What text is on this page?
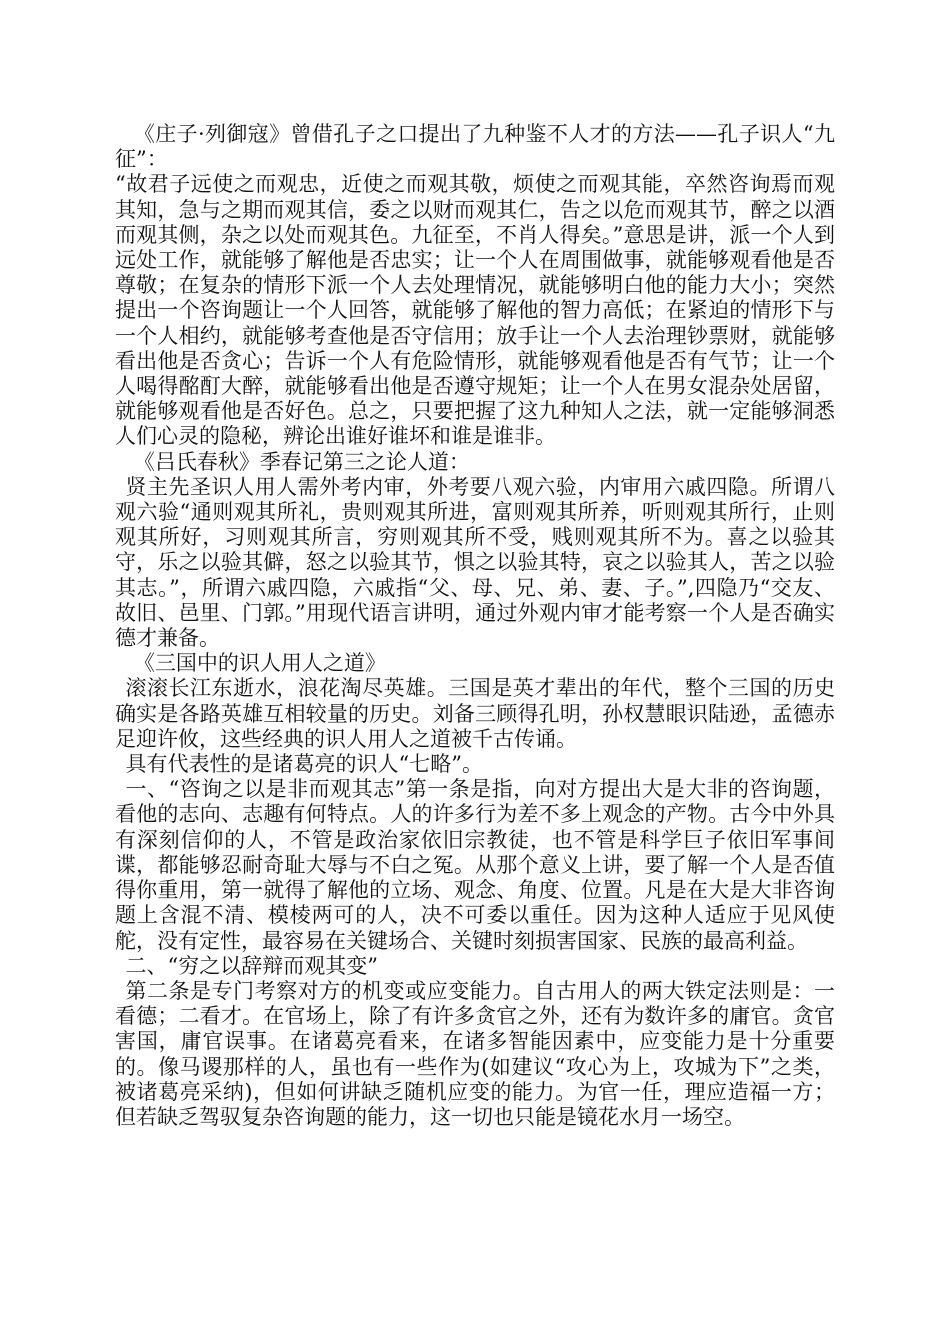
《庄子·列御寇》曾借孔子之口提出了九种鉴不人才的方法——孔子识人“九征”：

“故君子远使之而观忠，近使之而观其敬，烦使之而观其能，卒然咨询焉而观其知，急与之期而观其信，委之以财而观其仁，告之以危而观其节，醉之以酒而观其侧，杂之以处而观其色。九征至，不肖人得矣。”意思是讲，派一个人到远处工作，就能够了解他是否忠实；让一个人在周围做事，就能够观看他是否尊敬；在复杂的情形下派一个人去处理情况，就能够明白他的能力大小；突然提出一个咨询题让一个人回答，就能够了解他的智力高低；在紧迫的情形下与一个人相约，就能够考查他是否守信用；放手让一个人去治理钞票财，就能够看出他是否贪心；告诉一个人有危险情形，就能够观看他是否有气节；让一个人喝得酩酊大醉，就能够看出他是否遵守规矩；让一个人在男女混杂处居留，就能够观看他是否好色。总之，只要把握了这九种知人之法，就一定能够洞悉人们心灵的隐秘，辨论出谁好谁坏和谁是谁非。

《吕氏春秋》季春记第三之论人道：

贤主先圣识人用人需外考内审，外考要八观六验，内审用六戚四隐。所谓八观六验“通则观其所礼，贵则观其所进，富则观其所养，听则观其所行，止则观其所好，习则观其所言，穷则观其所不受，贱则观其所不为。喜之以验其守，乐之以验其僻，怒之以验其节，惧之以验其特，哀之以验其人，苦之以验其志。”，所谓六戚四隐，六戚指“父、母、兄、弟、妻、子。”,四隐乃“交友、故旧、邑里、门郭。”用现代语言讲明，通过外观内审才能考察一个人是否确实德才兼备。

《三国中的识人用人之道》

滚滚长江东逝水，浪花淘尽英雄。三国是英才辈出的年代，整个三国的历史确实是各路英雄互相较量的历史。刘备三顾得孔明，孙权慧眼识陆逊，孟德赤足迎许攸，这些经典的识人用人之道被千古传诵。

具有代表性的是诸葛亮的识人“七略”。

一、“咨询之以是非而观其志”第一条是指，向对方提出大是大非的咨询题，看他的志向、志趣有何特点。人的许多行为差不多上观念的产物。古今中外具有深刻信仰的人，不管是政治家依旧宗教徒，也不管是科学巨子依旧军事间谍，都能够忍耐奇耻大辱与不白之冤。从那个意义上讲，要了解一个人是否值得你重用，第一就得了解他的立场、观念、角度、位置。凡是在大是大非咨询题上含混不清、模棱两可的人，决不可委以重任。因为这种人适应于见风使舵，没有定性，最容易在关键场合、关键时刻损害国家、民族的最高利益。

二、“穷之以辞辩而观其变”

第二条是专门考察对方的机变或应变能力。自古用人的两大铁定法则是：一看德；二看才。在官场上，除了有许多贪官之外，还有为数许多的庸官。贪官害国，庸官误事。在诸葛亮看来，在诸多智能因素中，应变能力是十分重要的。像马谡那样的人，虽也有一些作为(如建议“攻心为上，攻城为下”之类，被诸葛亮采纳)，但如何讲缺乏随机应变的能力。为官一任，理应造福一方；但若缺乏驾驭复杂咨询题的能力，这一切也只能是镜花水月一场空。
